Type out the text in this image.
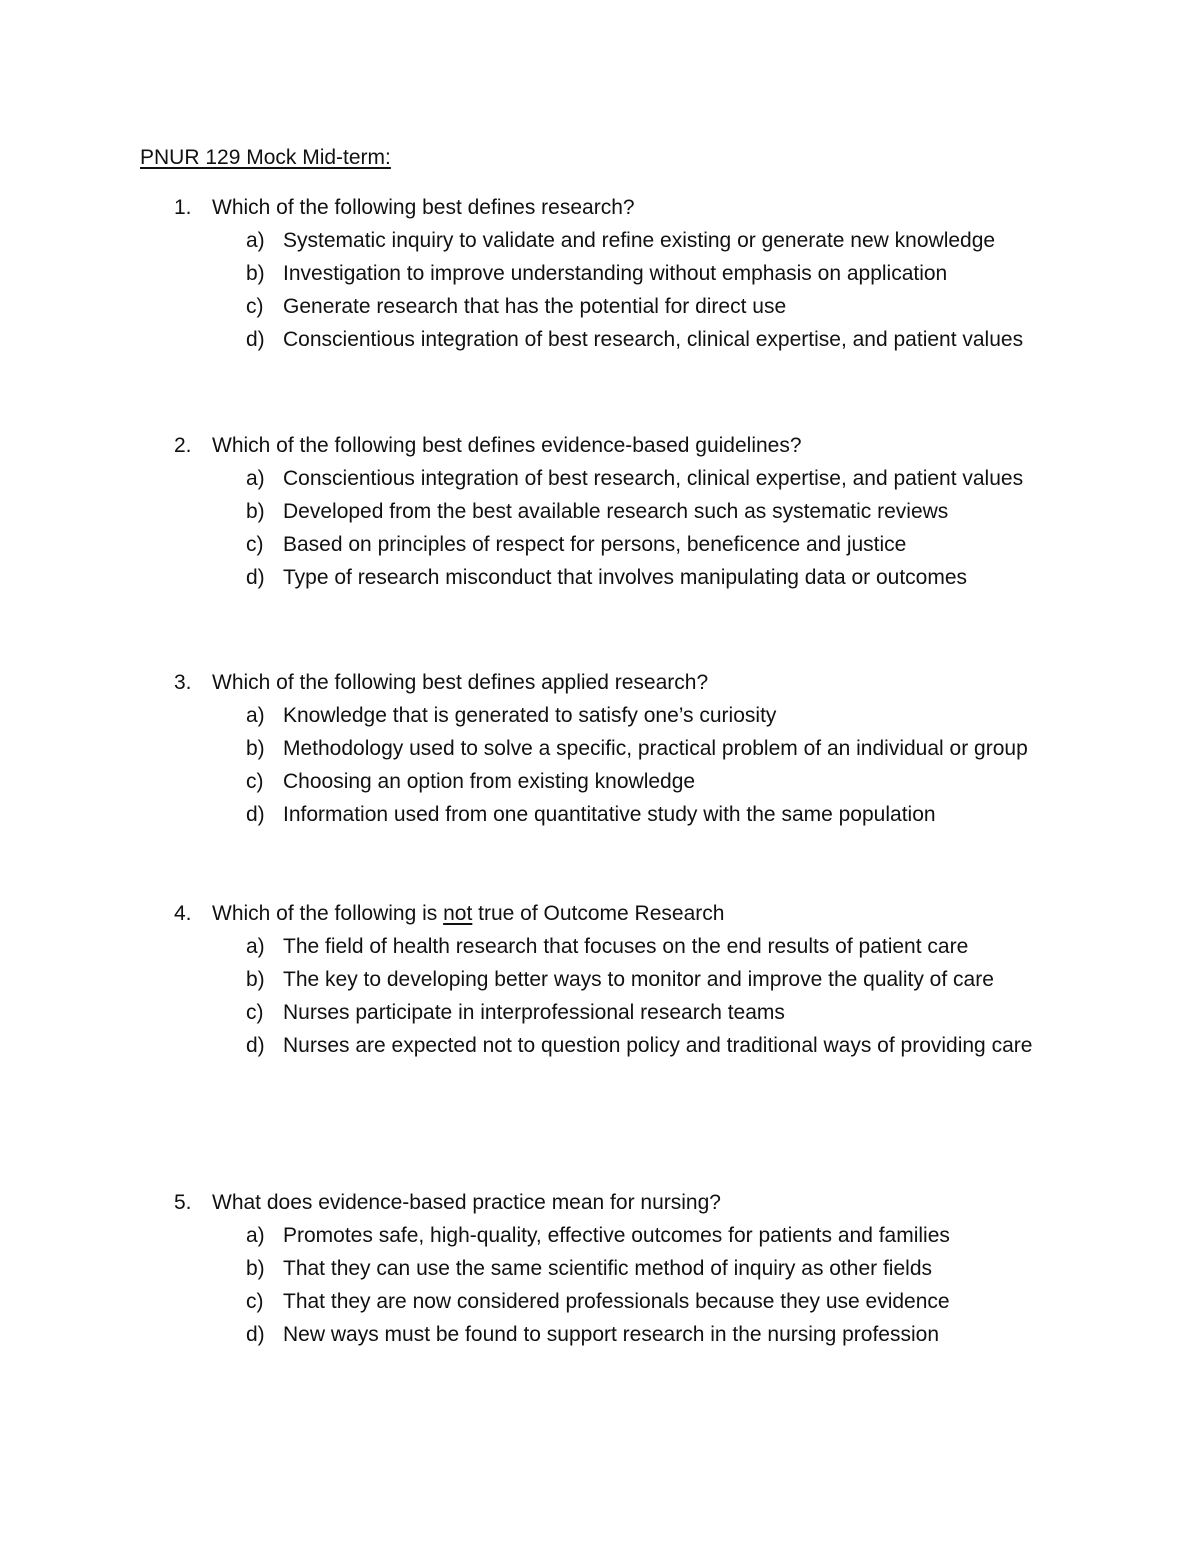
PNUR 129 Mock Mid-term:
1. Which of the following best defines research?
a) Systematic inquiry to validate and refine existing or generate new knowledge
b) Investigation to improve understanding without emphasis on application
c) Generate research that has the potential for direct use
d) Conscientious integration of best research, clinical expertise, and patient values
2. Which of the following best defines evidence-based guidelines?
a) Conscientious integration of best research, clinical expertise, and patient values
b) Developed from the best available research such as systematic reviews
c) Based on principles of respect for persons, beneficence and justice
d) Type of research misconduct that involves manipulating data or outcomes
3. Which of the following best defines applied research?
a) Knowledge that is generated to satisfy one’s curiosity
b) Methodology used to solve a specific, practical problem of an individual or group
c) Choosing an option from existing knowledge
d) Information used from one quantitative study with the same population
4. Which of the following is not true of Outcome Research
a) The field of health research that focuses on the end results of patient care
b) The key to developing better ways to monitor and improve the quality of care
c) Nurses participate in interprofessional research teams
d) Nurses are expected not to question policy and traditional ways of providing care
5. What does evidence-based practice mean for nursing?
a) Promotes safe, high-quality, effective outcomes for patients and families
b) That they can use the same scientific method of inquiry as other fields
c) That they are now considered professionals because they use evidence
d) New ways must be found to support research in the nursing profession
